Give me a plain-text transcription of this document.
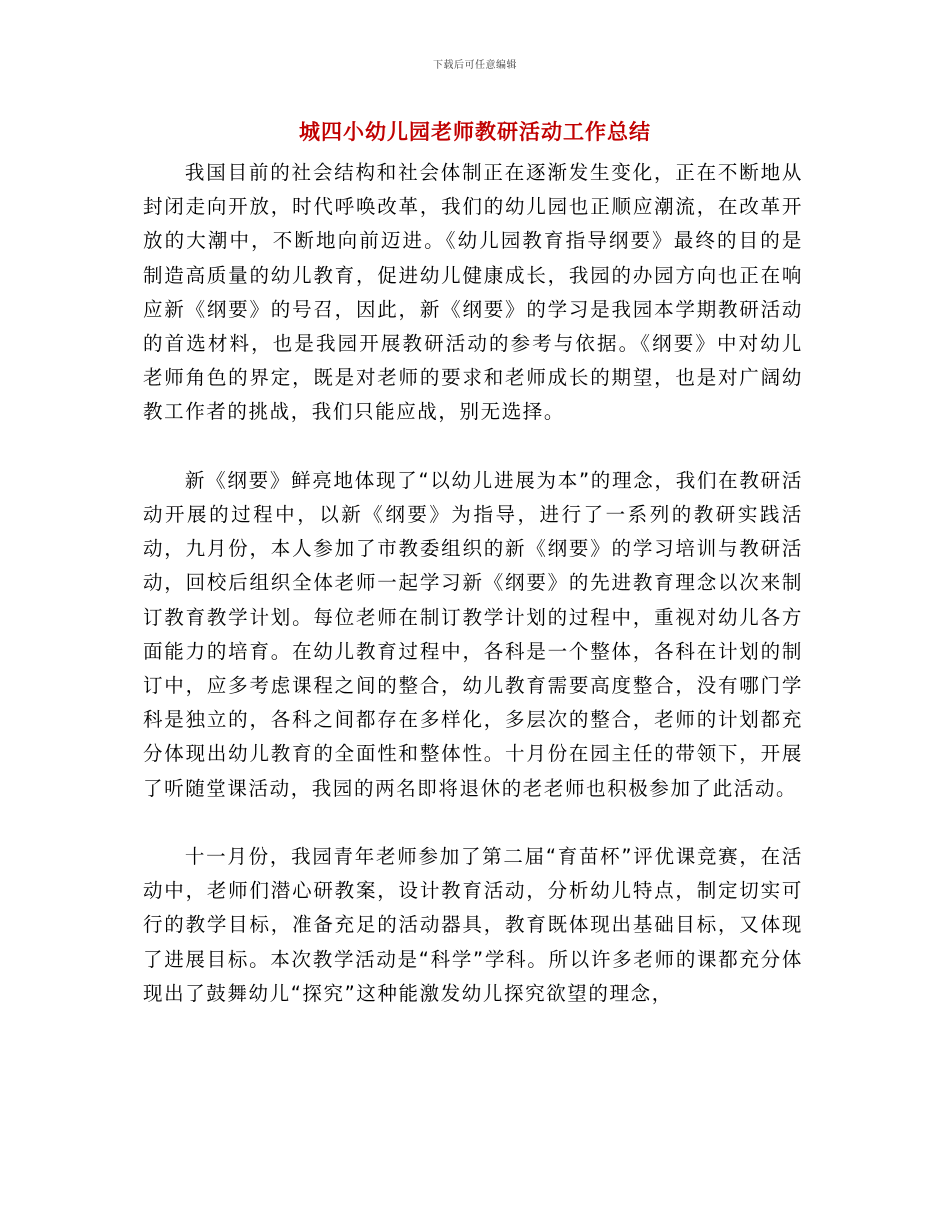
下载后可任意编辑
城四小幼儿园老师教研活动工作总结

我国目前的社会结构和社会体制正在逐渐发生变化，正在不断地从封闭走向开放，时代呼唤改革，我们的幼儿园也正顺应潮流，在改革开放的大潮中，不断地向前迈进。《幼儿园教育指导纲要》最终的目的是制造高质量的幼儿教育，促进幼儿健康成长，我园的办园方向也正在响应新《纲要》的号召，因此，新《纲要》的学习是我园本学期教研活动的首选材料，也是我园开展教研活动的参考与依据。《纲要》中对幼儿老师角色的界定，既是对老师的要求和老师成长的期望，也是对广阔幼教工作者的挑战，我们只能应战，别无选择。

新《纲要》鲜亮地体现了“以幼儿进展为本”的理念，我们在教研活动开展的过程中，以新《纲要》为指导，进行了一系列的教研实践活动，九月份，本人参加了市教委组织的新《纲要》的学习培训与教研活动，回校后组织全体老师一起学习新《纲要》的先进教育理念以次来制订教育教学计划。每位老师在制订教学计划的过程中，重视对幼儿各方面能力的培育。在幼儿教育过程中，各科是一个整体，各科在计划的制订中，应多考虑课程之间的整合，幼儿教育需要高度整合，没有哪门学科是独立的，各科之间都存在多样化，多层次的整合，老师的计划都充分体现出幼儿教育的全面性和整体性。十月份在园主任的带领下，开展了听随堂课活动，我园的两名即将退休的老老师也积极参加了此活动。

十一月份，我园青年老师参加了第二届“育苗杯”评优课竞赛，在活动中，老师们潜心研教案，设计教育活动，分析幼儿特点，制定切实可行的教学目标，准备充足的活动器具，教育既体现出基础目标，又体现了进展目标。本次教学活动是“科学”学科。所以许多老师的课都充分体现出了鼓舞幼儿“探究”这种能激发幼儿探究欲望的理念，
